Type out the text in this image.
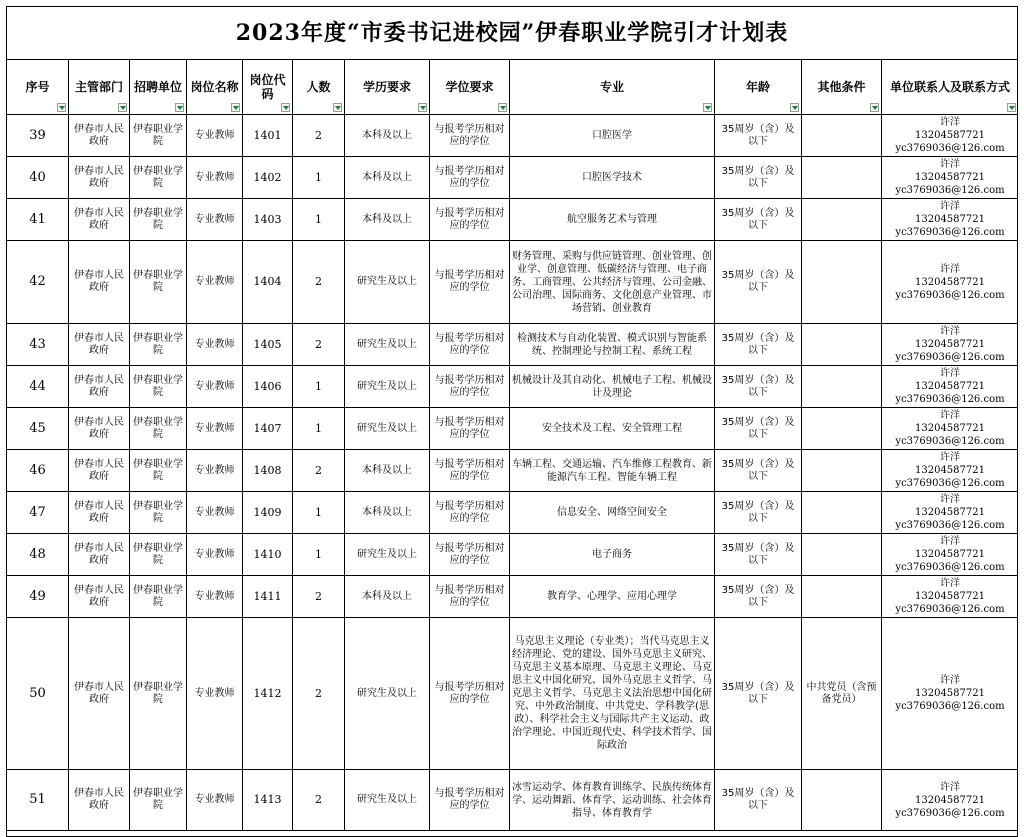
2023年度“市委书记进校园”伊春职业学院引才计划表
序号	主管部门	招聘单位	岗位名称	岗位代码	人数	学历要求	学位要求	专业	年龄	其他条件	单位联系人及联系方式

39	伊春市人民政府	伊春职业学院	专业教师	1401	2	本科及以上	与报考学历相对应的学位	口腔医学	35周岁（含）及以下		许洋
13204587721
yc3769036@126.com

40	伊春市人民政府	伊春职业学院	专业教师	1402	1	本科及以上	与报考学历相对应的学位	口腔医学技术	35周岁（含）及以下		许洋
13204587721
yc3769036@126.com

41	伊春市人民政府	伊春职业学院	专业教师	1403	1	本科及以上	与报考学历相对应的学位	航空服务艺术与管理	35周岁（含）及以下		许洋
13204587721
yc3769036@126.com

42	伊春市人民政府	伊春职业学院	专业教师	1404	2	研究生及以上	与报考学历相对应的学位	财务管理、采购与供应链管理、创业管理、创业学、创意管理、低碳经济与管理、电子商务、工商管理、公共经济与管理、公司金融、公司治理、国际商务、文化创意产业管理、市场营销、创业教育	35周岁（含）及以下		许洋
13204587721
yc3769036@126.com

43	伊春市人民政府	伊春职业学院	专业教师	1405	2	研究生及以上	与报考学历相对应的学位	检测技术与自动化装置、模式识别与智能系统、控制理论与控制工程、系统工程	35周岁（含）及以下		许洋
13204587721
yc3769036@126.com

44	伊春市人民政府	伊春职业学院	专业教师	1406	1	研究生及以上	与报考学历相对应的学位	机械设计及其自动化、机械电子工程、机械设计及理论	35周岁（含）及以下		许洋
13204587721
yc3769036@126.com

45	伊春市人民政府	伊春职业学院	专业教师	1407	1	研究生及以上	与报考学历相对应的学位	安全技术及工程、安全管理工程	35周岁（含）及以下		许洋
13204587721
yc3769036@126.com

46	伊春市人民政府	伊春职业学院	专业教师	1408	2	本科及以上	与报考学历相对应的学位	车辆工程、交通运输、汽车维修工程教育、新能源汽车工程、智能车辆工程	35周岁（含）及以下		许洋
13204587721
yc3769036@126.com

47	伊春市人民政府	伊春职业学院	专业教师	1409	1	本科及以上	与报考学历相对应的学位	信息安全、网络空间安全	35周岁（含）及以下		许洋
13204587721
yc3769036@126.com

48	伊春市人民政府	伊春职业学院	专业教师	1410	1	研究生及以上	与报考学历相对应的学位	电子商务	35周岁（含）及以下		许洋
13204587721
yc3769036@126.com

49	伊春市人民政府	伊春职业学院	专业教师	1411	2	本科及以上	与报考学历相对应的学位	教育学、心理学、应用心理学	35周岁（含）及以下		许洋
13204587721
yc3769036@126.com

50	伊春市人民政府	伊春职业学院	专业教师	1412	2	研究生及以上	与报考学历相对应的学位	马克思主义理论（专业类）；当代马克思主义经济理论、党的建设、国外马克思主义研究、马克思主义基本原理、马克思主义理论、马克思主义中国化研究、国外马克思主义哲学、马克思主义哲学、马克思主义法治思想中国化研究、中外政治制度、中共党史、学科教学(思政）、科学社会主义与国际共产主义运动、政治学理论、中国近现代史、科学技术哲学、国际政治	35周岁（含）及以下	中共党员（含预备党员）	许洋
13204587721
yc3769036@126.com

51	伊春市人民政府	伊春职业学院	专业教师	1413	2	研究生及以上	与报考学历相对应的学位	冰雪运动学、体育教育训练学、民族传统体育学、运动舞蹈、体育学、运动训练、社会体育指导、体育教育学	35周岁（含）及以下		许洋
13204587721
yc3769036@126.com
